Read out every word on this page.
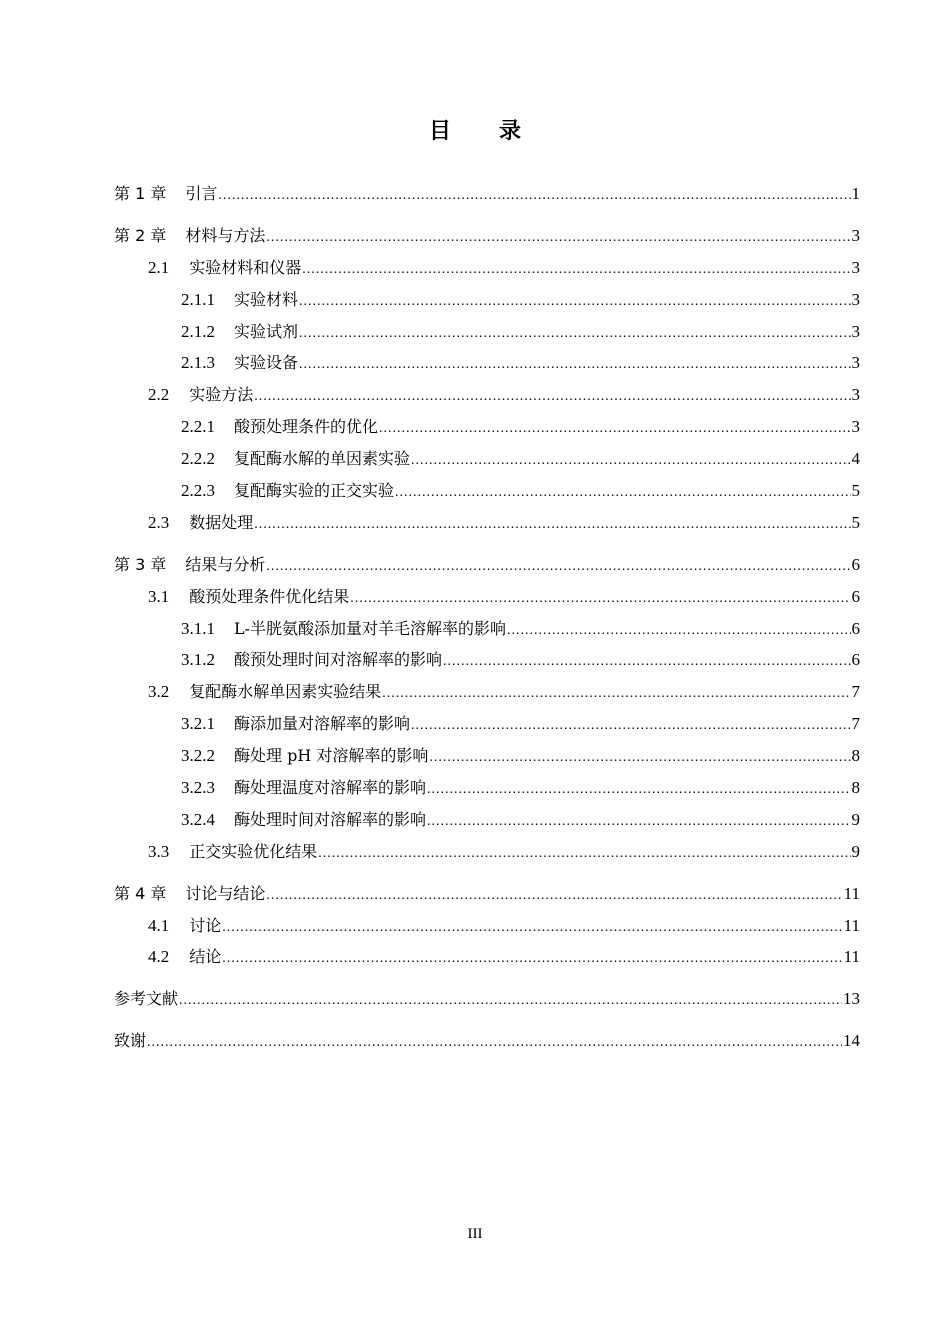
目 录
第 1 章 引言 .....	1
第 2 章 材料与方法 .....	3
2.1 实验材料和仪器 .....	3
2.1.1 实验材料 .....	3
2.1.2 实验试剂 .....	3
2.1.3 实验设备 .....	3
2.2 实验方法 .....	3
2.2.1 酸预处理条件的优化 .....	3
2.2.2 复配酶水解的单因素实验 .....	4
2.2.3 复配酶实验的正交实验 .....	5
2.3 数据处理 .....	5
第 3 章 结果与分析 .....	6
3.1 酸预处理条件优化结果 .....	6
3.1.1 L-半胱氨酸添加量对羊毛溶解率的影响 .....	6
3.1.2 酸预处理时间对溶解率的影响 .....	6
3.2 复配酶水解单因素实验结果 .....	7
3.2.1 酶添加量对溶解率的影响 .....	7
3.2.2 酶处理 pH 对溶解率的影响 .....	8
3.2.3 酶处理温度对溶解率的影响 .....	8
3.2.4 酶处理时间对溶解率的影响 .....	9
3.3 正交实验优化结果 .....	9
第 4 章 讨论与结论 .....	11
4.1 讨论 .....	11
4.2 结论 .....	11
参考文献 .....	13
致谢 .....	14
III
